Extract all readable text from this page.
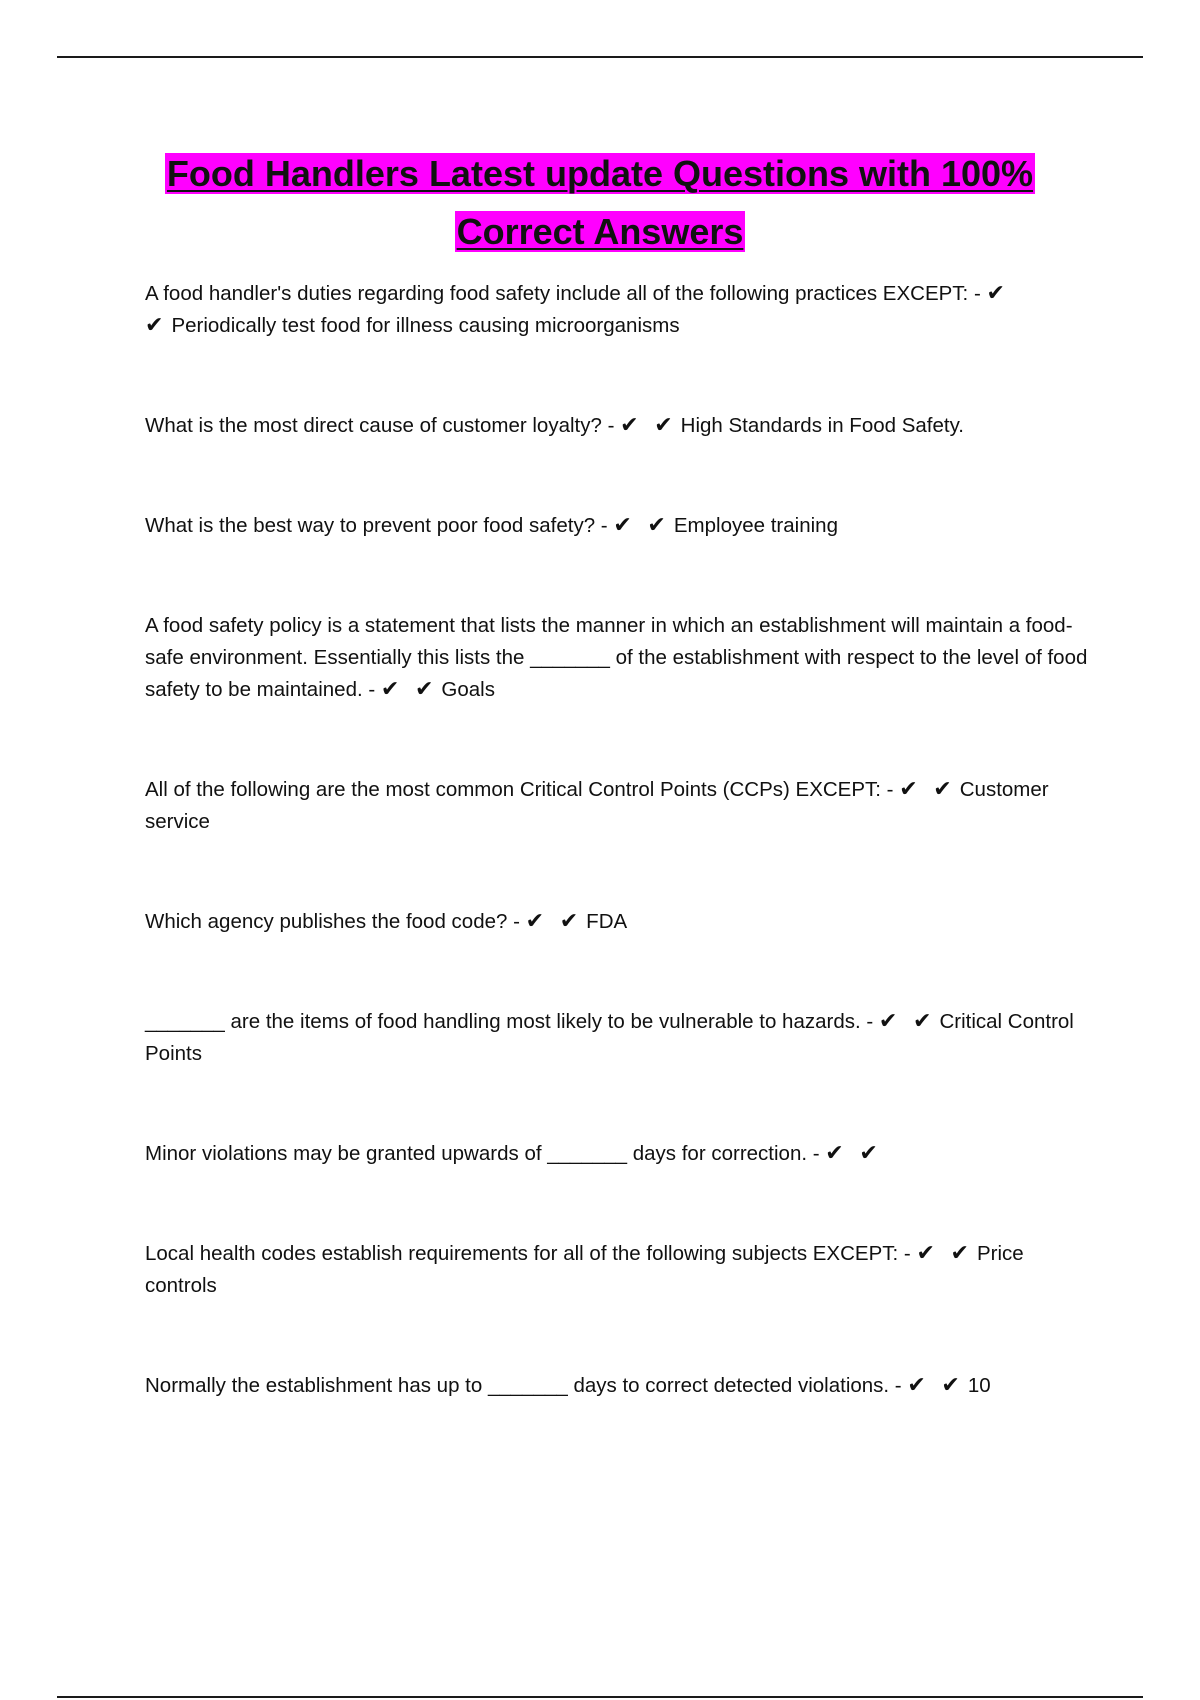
Food Handlers Latest update Questions with 100% Correct Answers

A food handler's duties regarding food safety include all of the following practices EXCEPT: - ✔ ✔ Periodically test food for illness causing microorganisms

What is the most direct cause of customer loyalty? - ✔ ✔ High Standards in Food Safety.

What is the best way to prevent poor food safety? - ✔ ✔ Employee training

A food safety policy is a statement that lists the manner in which an establishment will maintain a food-safe environment. Essentially this lists the _______ of the establishment with respect to the level of food safety to be maintained. - ✔ ✔ Goals

All of the following are the most common Critical Control Points (CCPs) EXCEPT: - ✔ ✔ Customer service

Which agency publishes the food code? - ✔ ✔ FDA

_______ are the items of food handling most likely to be vulnerable to hazards. - ✔ ✔ Critical Control Points

Minor violations may be granted upwards of _______ days for correction. - ✔ ✔

Local health codes establish requirements for all of the following subjects EXCEPT: - ✔ ✔ Price controls

Normally the establishment has up to _______ days to correct detected violations. - ✔ ✔ 10
